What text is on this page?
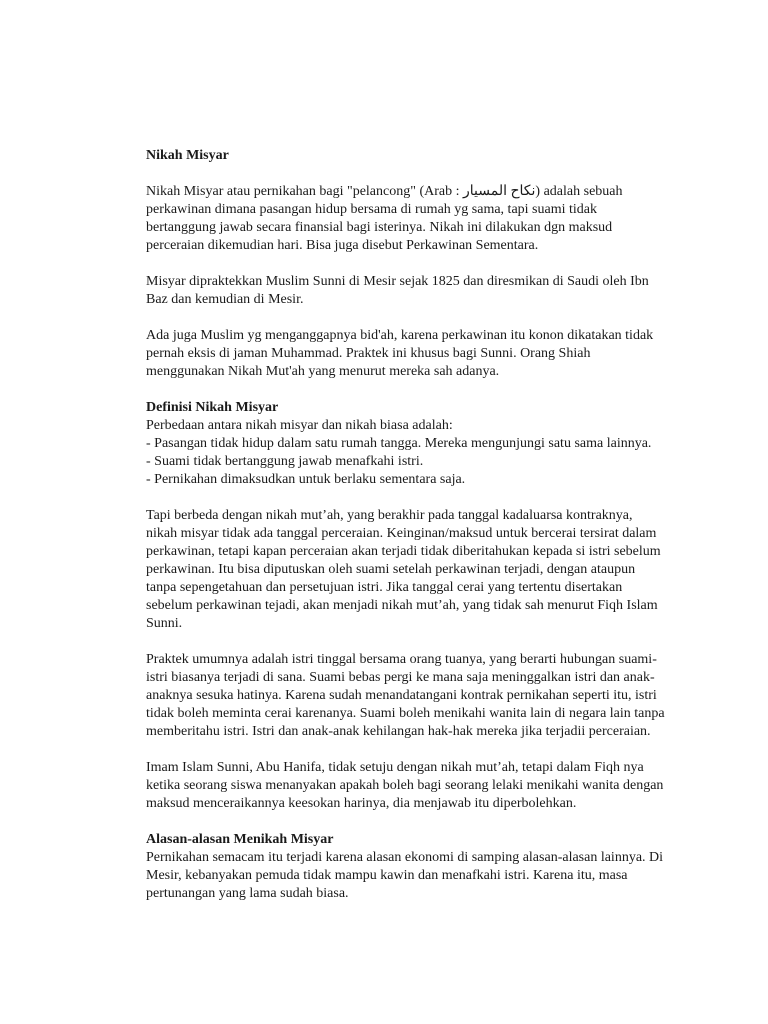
Nikah Misyar

Nikah Misyar atau pernikahan bagi "pelancong" (Arab : نكاح المسيار) adalah sebuah perkawinan dimana pasangan hidup bersama di rumah yg sama, tapi suami tidak bertanggung jawab secara finansial bagi isterinya. Nikah ini dilakukan dgn maksud perceraian dikemudian hari. Bisa juga disebut Perkawinan Sementara.

Misyar dipraktekkan Muslim Sunni di Mesir sejak 1825 dan diresmikan di Saudi oleh Ibn Baz dan kemudian di Mesir.

Ada juga Muslim yg menganggapnya bid'ah, karena perkawinan itu konon dikatakan tidak pernah eksis di jaman Muhammad. Praktek ini khusus bagi Sunni. Orang Shiah menggunakan Nikah Mut'ah yang menurut mereka sah adanya.

Definisi Nikah Misyar

Perbedaan antara nikah misyar dan nikah biasa adalah:

- Pasangan tidak hidup dalam satu rumah tangga. Mereka mengunjungi satu sama lainnya.
- Suami tidak bertanggung jawab menafkahi istri.
- Pernikahan dimaksudkan untuk berlaku sementara saja.

Tapi berbeda dengan nikah mut’ah, yang berakhir pada tanggal kadaluarsa kontraknya, nikah misyar tidak ada tanggal perceraian. Keinginan/maksud untuk bercerai tersirat dalam perkawinan, tetapi kapan perceraian akan terjadi tidak diberitahukan kepada si istri sebelum perkawinan. Itu bisa diputuskan oleh suami setelah perkawinan terjadi, dengan ataupun tanpa sepengetahuan dan persetujuan istri. Jika tanggal cerai yang tertentu disertakan sebelum perkawinan tejadi, akan menjadi nikah mut’ah, yang tidak sah menurut Fiqh Islam Sunni.

Praktek umumnya adalah istri tinggal bersama orang tuanya, yang berarti hubungan suami-istri biasanya terjadi di sana. Suami bebas pergi ke mana saja meninggalkan istri dan anak-anaknya sesuka hatinya. Karena sudah menandatangani kontrak pernikahan seperti itu, istri tidak boleh meminta cerai karenanya. Suami boleh menikahi wanita lain di negara lain tanpa memberitahu istri. Istri dan anak-anak kehilangan hak-hak mereka jika terjadii perceraian.

Imam Islam Sunni, Abu Hanifa, tidak setuju dengan nikah mut’ah, tetapi dalam Fiqh nya ketika seorang siswa menanyakan apakah boleh bagi seorang lelaki menikahi wanita dengan maksud menceraikannya keesokan harinya, dia menjawab itu diperbolehkan.

Alasan-alasan Menikah Misyar

Pernikahan semacam itu terjadi karena alasan ekonomi di samping alasan-alasan lainnya. Di Mesir, kebanyakan pemuda tidak mampu kawin dan menafkahi istri. Karena itu, masa pertunangan yang lama sudah biasa.
